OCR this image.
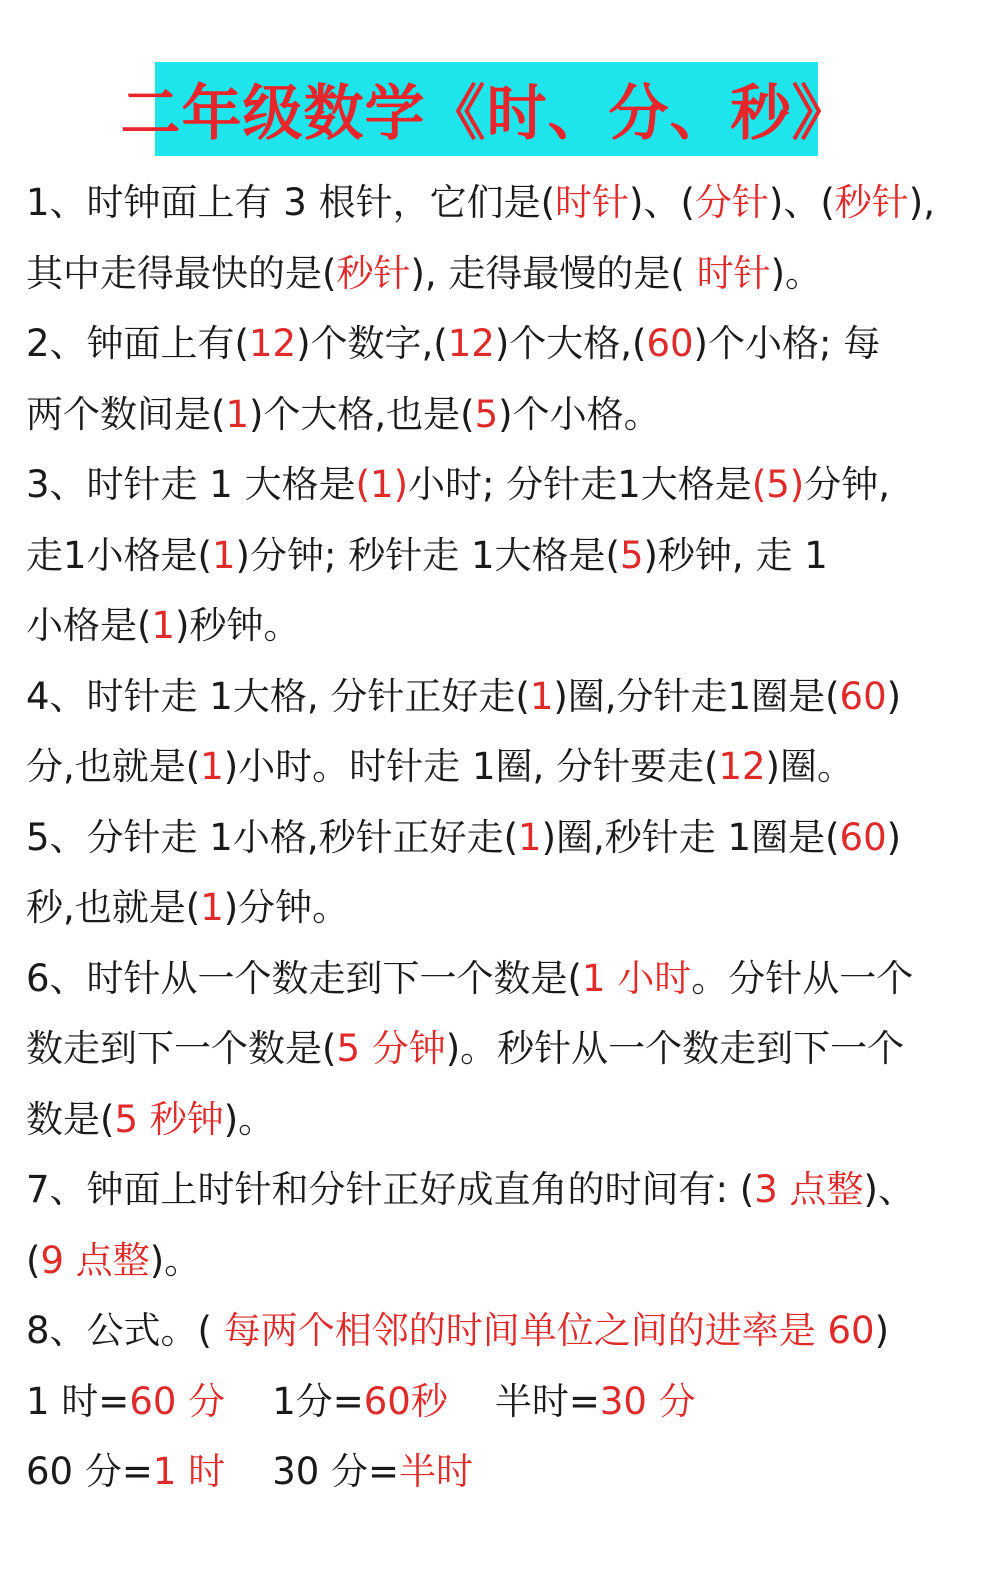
二年级数学《时、分、秒》
1、时钟面上有 3 根针，它们是(时针)、(分针)、(秒针),
其中走得最快的是(秒针), 走得最慢的是( 时针)。
2、钟面上有(12)个数字,(12)个大格,(60)个小格; 每
两个数间是(1)个大格,也是(5)个小格。
3、时针走 1 大格是(1)小时; 分针走1大格是(5)分钟,
走1小格是(1)分钟; 秒针走 1大格是(5)秒钟, 走 1
小格是(1)秒钟。
4、时针走 1大格, 分针正好走(1)圈,分针走1圈是(60)
分,也就是(1)小时。时针走 1圈, 分针要走(12)圈。
5、分针走 1小格,秒针正好走(1)圈,秒针走 1圈是(60)
秒,也就是(1)分钟。
6、时针从一个数走到下一个数是(1 小时。分针从一个
数走到下一个数是(5 分钟)。秒针从一个数走到下一个
数是(5 秒钟)。
7、钟面上时针和分针正好成直角的时间有: (3 点整)、
(9 点整)。
8、公式。( 每两个相邻的时间单位之间的进率是 60)
1 时=60 分    1分=60秒    半时=30 分
60 分=1 时    30 分=半时
